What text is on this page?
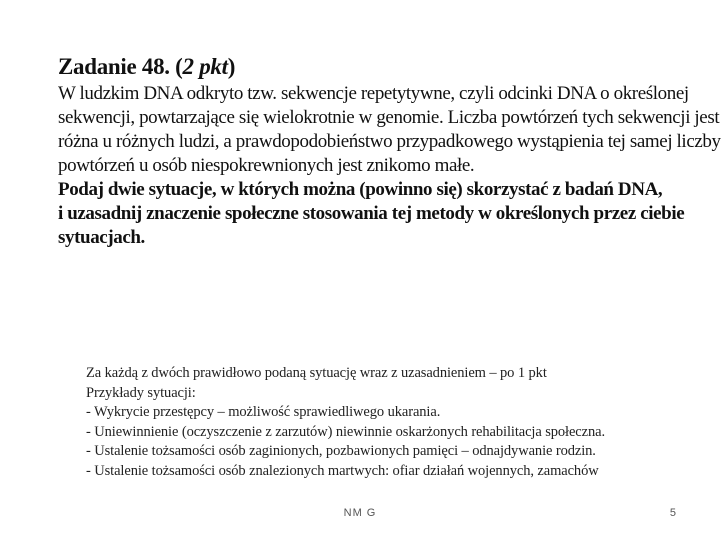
Zadanie 48. (2 pkt)

W ludzkim DNA odkryto tzw. sekwencje repetytywne, czyli odcinki DNA o określonej
sekwencji, powtarzające się wielokrotnie w genomie. Liczba powtórzeń tych sekwencji jest
różna u różnych ludzi, a prawdopodobieństwo przypadkowego wystąpienia tej samej liczby
powtórzeń u osób niespokrewnionych jest znikomo małe.

Podaj dwie sytuacje, w których można (powinno się) skorzystać z badań DNA,
i uzasadnij znaczenie społeczne stosowania tej metody w określonych przez ciebie
sytuacjach.

Za każdą z dwóch prawidłowo podaną sytuację wraz z uzasadnieniem – po 1 pkt
Przykłady sytuacji:
- Wykrycie przestępcy – możliwość sprawiedliwego ukarania.
- Uniewinnienie (oczyszczenie z zarzutów) niewinnie oskarżonych rehabilitacja społeczna.
- Ustalenie tożsamości osób zaginionych, pozbawionych pamięci – odnajdywanie rodzin.
- Ustalenie tożsamości osób znalezionych martwych: ofiar działań wojennych, zamachów
NM G	5
